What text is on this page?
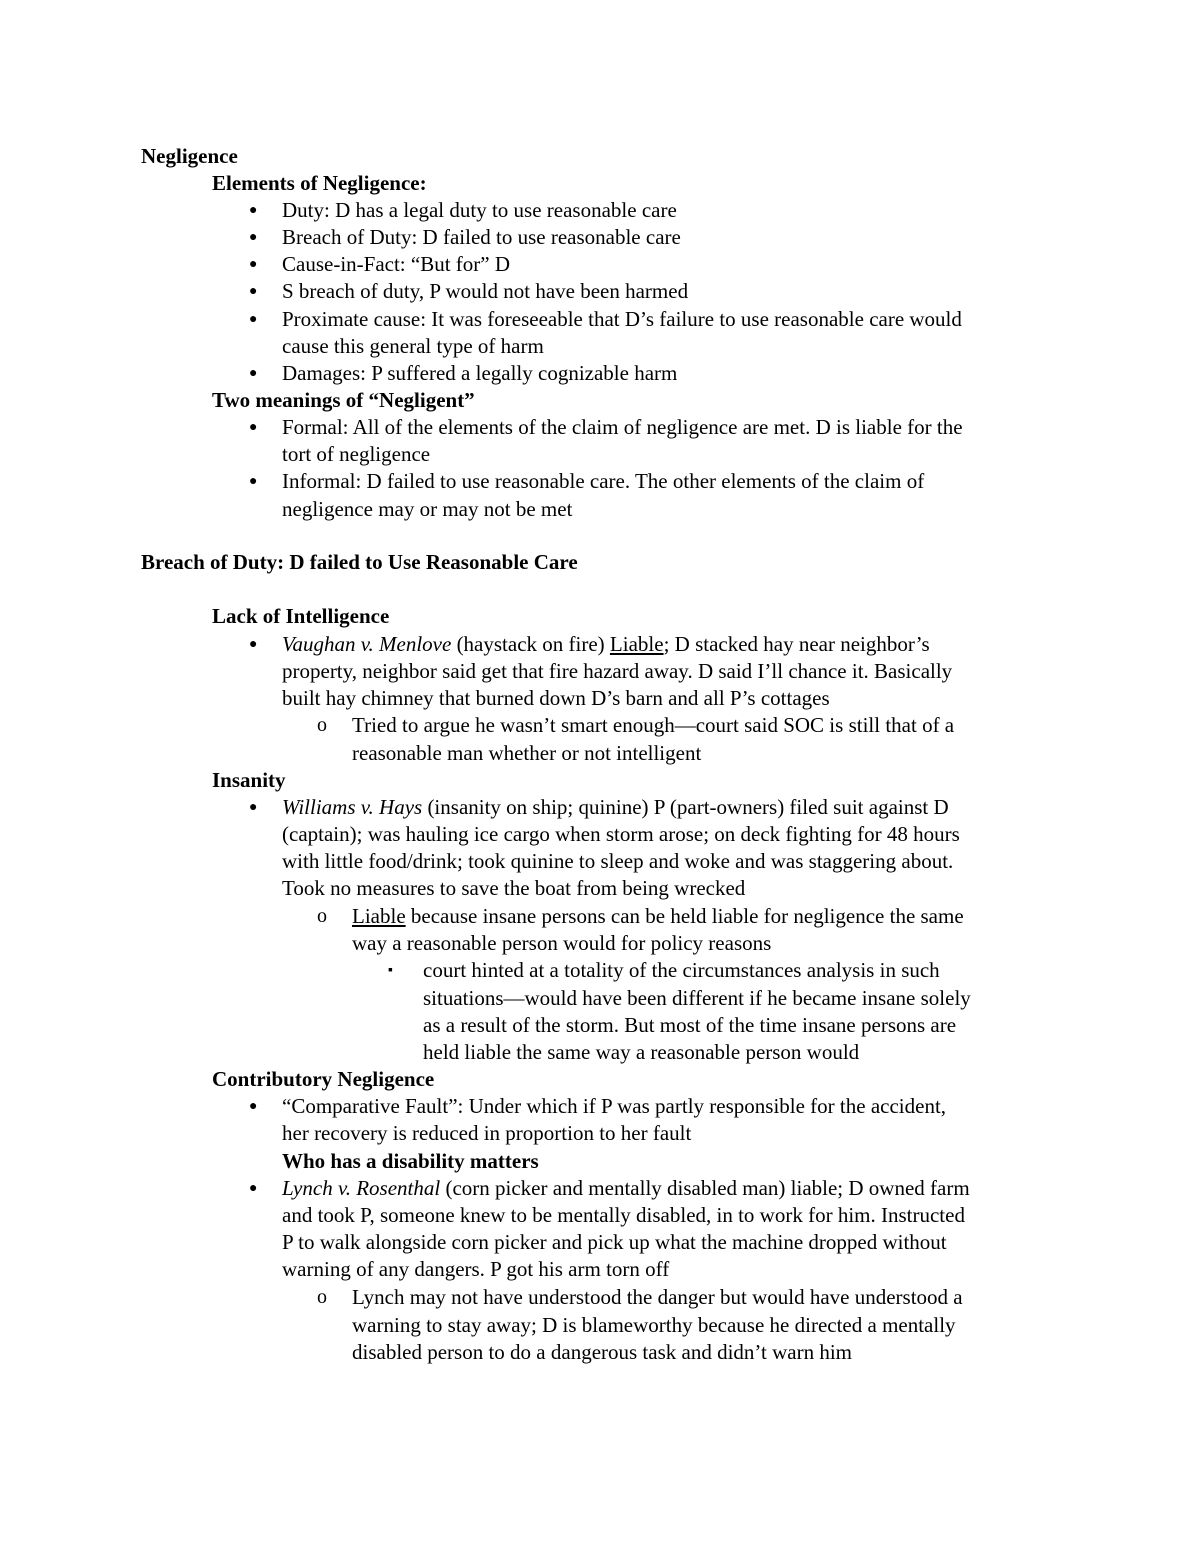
Negligence
Elements of Negligence:
● Duty: D has a legal duty to use reasonable care
● Breach of Duty: D failed to use reasonable care
● Cause-in-Fact: “But for” D
● S breach of duty, P would not have been harmed
● Proximate cause: It was foreseeable that D’s failure to use reasonable care would
cause this general type of harm
● Damages: P suffered a legally cognizable harm
Two meanings of “Negligent”
● Formal: All of the elements of the claim of negligence are met. D is liable for the
tort of negligence
● Informal: D failed to use reasonable care. The other elements of the claim of
negligence may or may not be met
Breach of Duty: D failed to Use Reasonable Care
Lack of Intelligence
● Vaughan v. Menlove (haystack on fire) Liable; D stacked hay near neighbor’s
property, neighbor said get that fire hazard away. D said I’ll chance it. Basically
built hay chimney that burned down D’s barn and all P’s cottages
o Tried to argue he wasn’t smart enough—court said SOC is still that of a
reasonable man whether or not intelligent
Insanity
● Williams v. Hays (insanity on ship; quinine) P (part-owners) filed suit against D
(captain); was hauling ice cargo when storm arose; on deck fighting for 48 hours
with little food/drink; took quinine to sleep and woke and was staggering about.
Took no measures to save the boat from being wrecked
o Liable because insane persons can be held liable for negligence the same
way a reasonable person would for policy reasons
▪ court hinted at a totality of the circumstances analysis in such
situations—would have been different if he became insane solely
as a result of the storm. But most of the time insane persons are
held liable the same way a reasonable person would
Contributory Negligence
● “Comparative Fault”: Under which if P was partly responsible for the accident,
her recovery is reduced in proportion to her fault
Who has a disability matters
● Lynch v. Rosenthal (corn picker and mentally disabled man) liable; D owned farm
and took P, someone knew to be mentally disabled, in to work for him. Instructed
P to walk alongside corn picker and pick up what the machine dropped without
warning of any dangers. P got his arm torn off
o Lynch may not have understood the danger but would have understood a
warning to stay away; D is blameworthy because he directed a mentally
disabled person to do a dangerous task and didn’t warn him
